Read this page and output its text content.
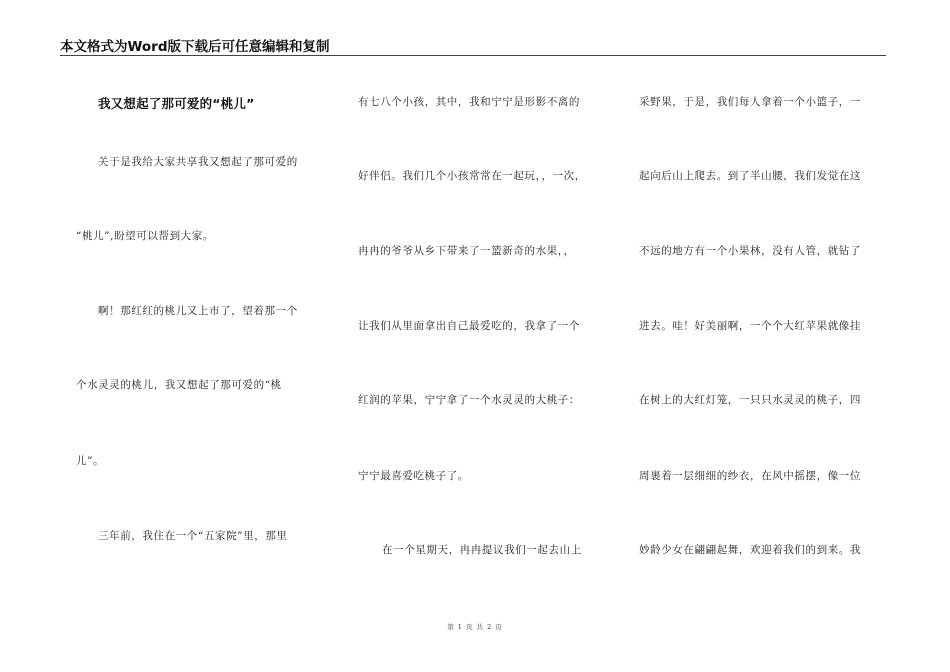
本文格式为Word版下载后可任意编辑和复制
我又想起了那可爱的“桃儿”
关于是我给大家共享我又想起了那可爱的
“桃儿”,盼望可以帮到大家。
啊！那红红的桃儿又上市了，望着那一个
个水灵灵的桃儿，我又想起了那可爱的“桃
儿”。
三年前，我住在一个“五家院”里，那里
有七八个小孩，其中，我和宁宁是形影不离的
好伴侣。我们几个小孩常常在一起玩，，一次，
冉冉的爷爷从乡下带来了一篮新奇的水果，，
让我们从里面拿出自己最爱吃的，我拿了一个
红润的苹果，宁宁拿了一个水灵灵的大桃子：
宁宁最喜爱吃桃子了。
在一个星期天，冉冉提议我们一起去山上
采野果，于是，我们每人拿着一个小篮子，一
起向后山上爬去。到了半山腰，我们发觉在这
不远的地方有一个小果林，没有人管，就钻了
进去。哇！好美丽啊，一个个大红苹果就像挂
在树上的大红灯笼，一只只水灵灵的桃子，四
周裹着一层细细的纱衣，在风中摇摆，像一位
妙龄少女在翩翩起舞，欢迎着我们的到来。我
第 1 页 共 2 页
